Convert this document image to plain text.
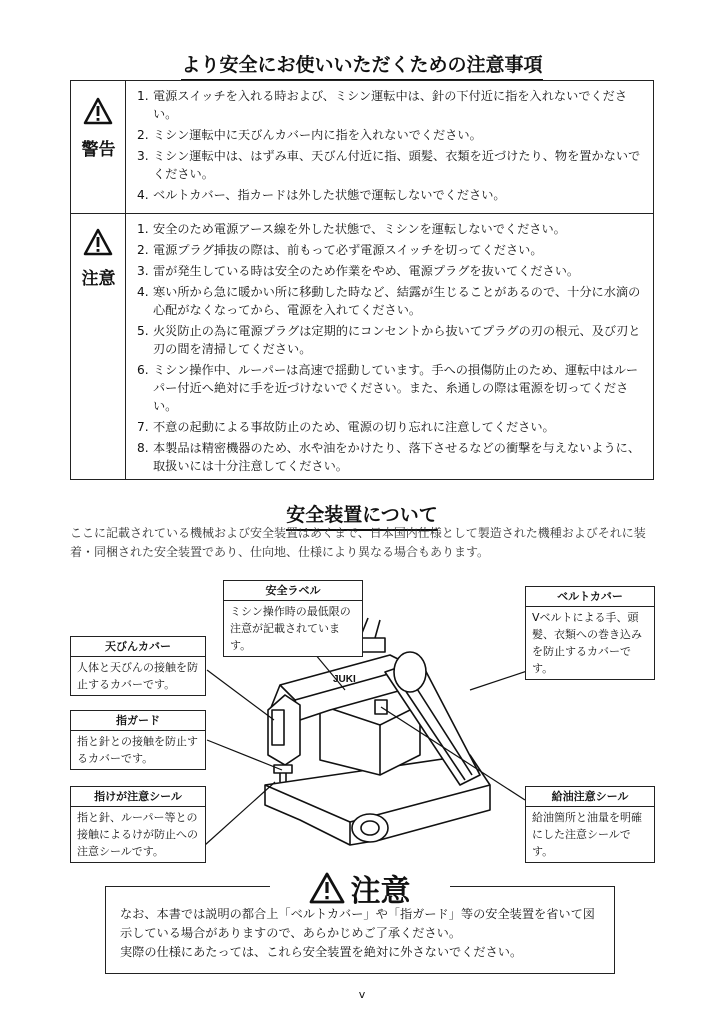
より安全にお使いいただくための注意事項
警告
1. 電源スイッチを入れる時および、ミシン運転中は、針の下付近に指を入れないでください。
2. ミシン運転中に天びんカバー内に指を入れないでください。
3. ミシン運転中は、はずみ車、天びん付近に指、頭髪、衣類を近づけたり、物を置かないでください。
4. ベルトカバー、指カードは外した状態で運転しないでください。
注意
1. 安全のため電源アース線を外した状態で、ミシンを運転しないでください。
2. 電源プラグ挿抜の際は、前もって必ず電源スイッチを切ってください。
3. 雷が発生している時は安全のため作業をやめ、電源プラグを抜いてください。
4. 寒い所から急に暖かい所に移動した時など、結露が生じることがあるので、十分に水滴の心配がなくなってから、電源を入れてください。
5. 火災防止の為に電源プラグは定期的にコンセントから抜いてプラグの刃の根元、及び刃と刃の間を清掃してください。
6. ミシン操作中、ルーパーは高速で揺動しています。手への損傷防止のため、運転中はルーパー付近へ絶対に手を近づけないでください。また、糸通しの際は電源を切ってください。
7. 不意の起動による事故防止のため、電源の切り忘れに注意してください。
8. 本製品は精密機器のため、水や油をかけたり、落下させるなどの衝撃を与えないように、取扱いには十分注意してください。
安全装置について
ここに記載されている機械および安全装置はあくまで、日本国内仕様として製造された機種およびそれに装着・同梱された安全装置であり、仕向地、仕様により異なる場合もあります。
JUKI
安全ラベル
ミシン操作時の最低限の注意が記載されています。
ベルトカバー
Vベルトによる手、頭髪、衣類への巻き込みを防止するカバーです。
天びんカバー
人体と天びんの接触を防止するカバーです。
指ガード
指と針との接触を防止するカバーです。
指けが注意シール
指と針、ルーパー等との接触によるけが防止への注意シールです。
給油注意シール
給油箇所と油量を明確にした注意シールです。
注意
なお、本書では説明の都合上「ベルトカバー」や「指ガード」等の安全装置を省いて図示している場合がありますので、あらかじめご了承ください。
実際の仕様にあたっては、これら安全装置を絶対に外さないでください。
v
